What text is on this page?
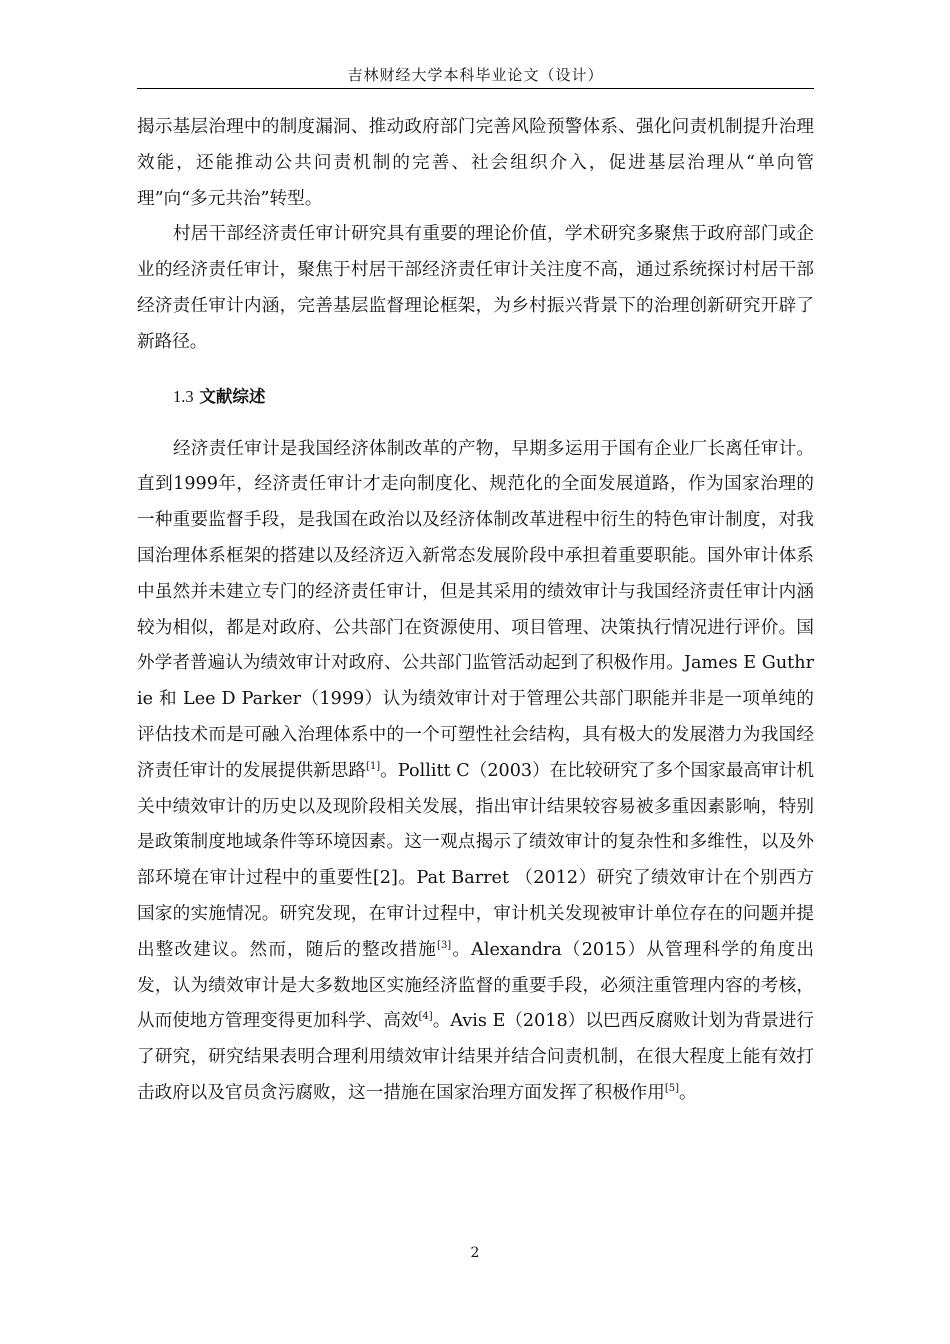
吉林财经大学本科毕业论文（设计）

揭示基层治理中的制度漏洞、推动政府部门完善风险预警体系、强化问责机制提升治理效能，还能推动公共问责机制的完善、社会组织介入，促进基层治理从“单向管理”向“多元共治”转型。

村居干部经济责任审计研究具有重要的理论价值，学术研究多聚焦于政府部门或企业的经济责任审计，聚焦于村居干部经济责任审计关注度不高，通过系统探讨村居干部经济责任审计内涵，完善基层监督理论框架，为乡村振兴背景下的治理创新研究开辟了新路径。

1.3 文献综述

经济责任审计是我国经济体制改革的产物，早期多运用于国有企业厂长离任审计。直到1999年，经济责任审计才走向制度化、规范化的全面发展道路，作为国家治理的一种重要监督手段，是我国在政治以及经济体制改革进程中衍生的特色审计制度，对我国治理体系框架的搭建以及经济迈入新常态发展阶段中承担着重要职能。国外审计体系中虽然并未建立专门的经济责任审计，但是其采用的绩效审计与我国经济责任审计内涵较为相似，都是对政府、公共部门在资源使用、项目管理、决策执行情况进行评价。国外学者普遍认为绩效审计对政府、公共部门监管活动起到了积极作用。James E Guthrie 和 Lee D Parker（1999）认为绩效审计对于管理公共部门职能并非是一项单纯的评估技术而是可融入治理体系中的一个可塑性社会结构，具有极大的发展潜力为我国经济责任审计的发展提供新思路[1]。Pollitt C（2003）在比较研究了多个国家最高审计机关中绩效审计的历史以及现阶段相关发展，指出审计结果较容易被多重因素影响，特别是政策制度地域条件等环境因素。这一观点揭示了绩效审计的复杂性和多维性，以及外部环境在审计过程中的重要性[2]。Pat Barret （2012）研究了绩效审计在个别西方国家的实施情况。研究发现，在审计过程中，审计机关发现被审计单位存在的问题并提出整改建议。然而，随后的整改措施[3]。Alexandra（2015）从管理科学的角度出发，认为绩效审计是大多数地区实施经济监督的重要手段，必须注重管理内容的考核，从而使地方管理变得更加科学、高效[4]。Avis E（2018）以巴西反腐败计划为背景进行了研究，研究结果表明合理利用绩效审计结果并结合问责机制，在很大程度上能有效打击政府以及官员贪污腐败，这一措施在国家治理方面发挥了积极作用[5]。

2
